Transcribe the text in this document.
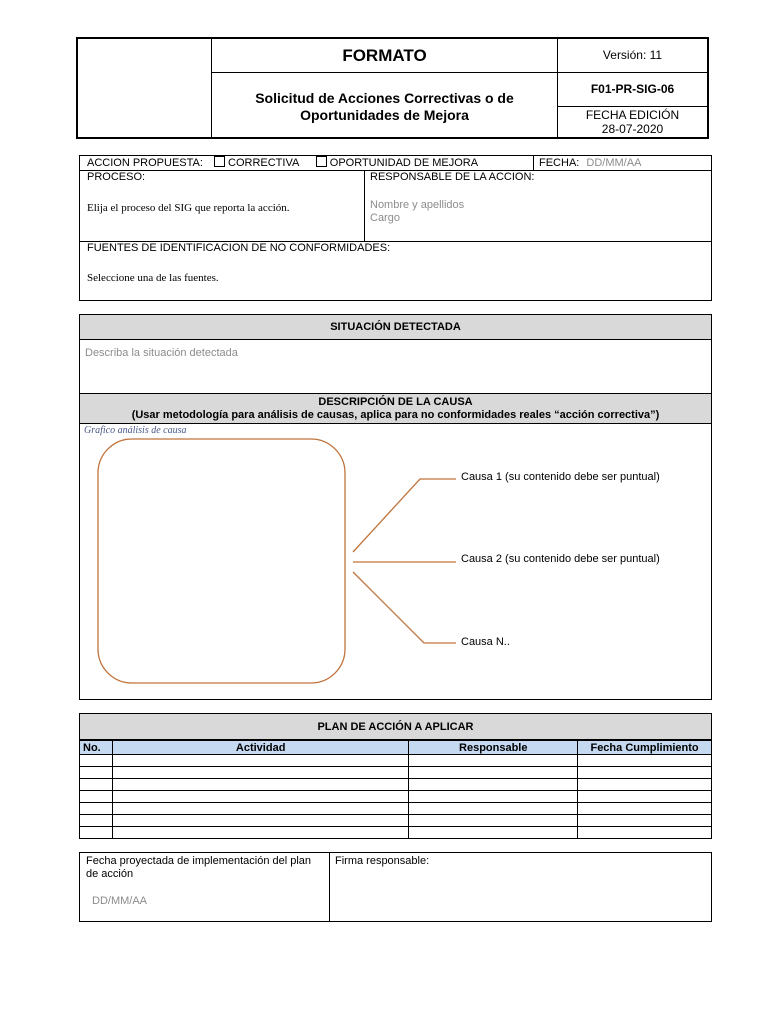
FORMATO
Solicitud de Acciones Correctivas o de
Oportunidades de Mejora
Versión: 11
F01-PR-SIG-06
FECHA EDICIÓN
28-07-2020
ACCION PROPUESTA: CORRECTIVA	OPORTUNIDAD DE MEJORA	FECHA: DD/MM/AA
PROCESO:
Elija el proceso del SIG que reporta la acción.
RESPONSABLE DE LA ACCION:
Nombre y apellidos
Cargo
FUENTES DE IDENTIFICACION DE NO CONFORMIDADES:
Seleccione una de las fuentes.
SITUACIÓN DETECTADA
Describa la situación detectada
DESCRIPCIÓN DE LA CAUSA
(Usar metodología para análisis de causas, aplica para no conformidades reales “acción correctiva”)
Grafico análisis de causa
Causa 1 (su contenido debe ser puntual)
Causa 2 (su contenido debe ser puntual)
Causa N..
PLAN DE ACCIÓN A APLICAR
No.	Actividad	Responsable	Fecha Cumplimiento

Fecha proyectada de implementación del plan de acción
DD/MM/AA
Firma responsable:
